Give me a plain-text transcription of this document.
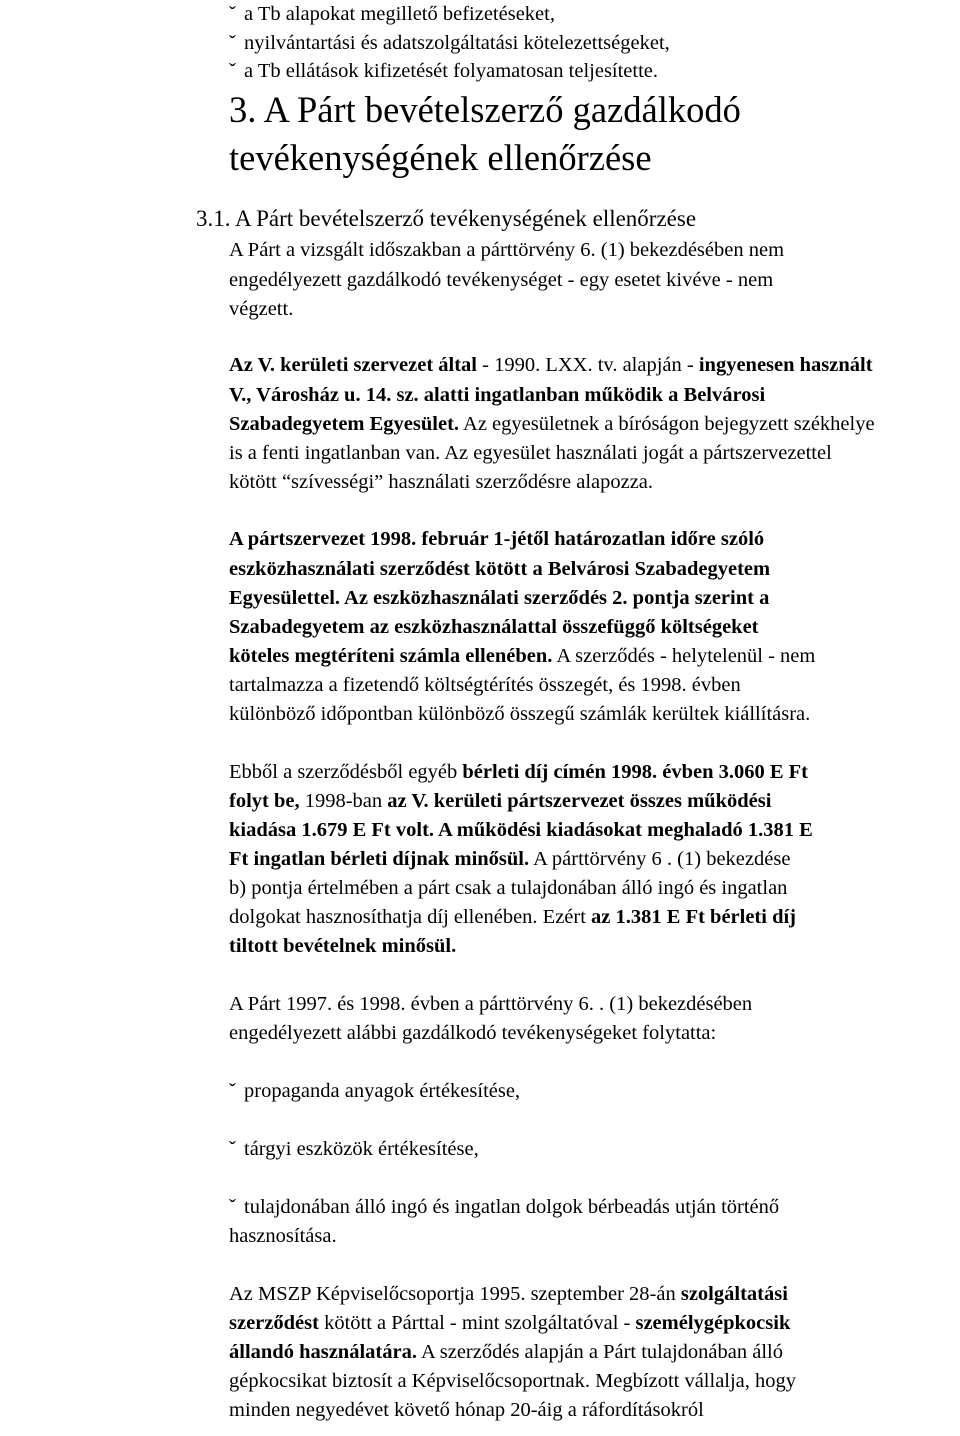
ˇ a Tb alapokat megillető befizetéseket,

ˇ nyilvántartási és adatszolgáltatási kötelezettségeket,

ˇ a Tb ellátások kifizetését folyamatosan teljesítette.

3. A Párt bevételszerző gazdálkodó
tevékenységének ellenőrzése
3.1. A Párt bevételszerző tevékenységének ellenőrzése

A Párt a vizsgált időszakban a párttörvény 6. (1) bekezdésében nem

engedélyezett gazdálkodó tevékenységet - egy esetet kivéve - nem

végzett.

Az V. kerületi szervezet által - 1990. LXX. tv. alapján - ingyenesen használt

V., Városház u. 14. sz. alatti ingatlanban működik a Belvárosi

Szabadegyetem Egyesület. Az egyesületnek a bíróságon bejegyzett székhelye

is a fenti ingatlanban van. Az egyesület használati jogát a pártszervezettel

kötött “szívességi” használati szerződésre alapozza.

A pártszervezet 1998. február 1-jétől határozatlan időre szóló

eszközhasználati szerződést kötött a Belvárosi Szabadegyetem

Egyesülettel. Az eszközhasználati szerződés 2. pontja szerint a

Szabadegyetem az eszközhasználattal összefüggő költségeket

köteles megtéríteni számla ellenében. A szerződés - helytelenül - nem

tartalmazza a fizetendő költségtérítés összegét, és 1998. évben

különböző időpontban különböző összegű számlák kerültek kiállításra.

Ebből a szerződésből egyéb bérleti díj címén 1998. évben 3.060 E Ft

folyt be, 1998-ban az V. kerületi pártszervezet összes működési

kiadása 1.679 E Ft volt. A működési kiadásokat meghaladó 1.381 E

Ft ingatlan bérleti díjnak minősül. A párttörvény 6 . (1) bekezdése

b) pontja értelmében a párt csak a tulajdonában álló ingó és ingatlan

dolgokat hasznosíthatja díj ellenében. Ezért az 1.381 E Ft bérleti díj

tiltott bevételnek minősül.

A Párt 1997. és 1998. évben a párttörvény 6. . (1) bekezdésében

engedélyezett alábbi gazdálkodó tevékenységeket folytatta:

ˇ propaganda anyagok értékesítése,

ˇ tárgyi eszközök értékesítése,

ˇ tulajdonában álló ingó és ingatlan dolgok bérbeadás utján történő

hasznosítása.

Az MSZP Képviselőcsoportja 1995. szeptember 28-án szolgáltatási

szerződést kötött a Párttal - mint szolgáltatóval - személygépkocsik

állandó használatára. A szerződés alapján a Párt tulajdonában álló

gépkocsikat biztosít a Képviselőcsoportnak. Megbízott vállalja, hogy

minden negyedévet követő hónap 20-áig a ráfordításokról
